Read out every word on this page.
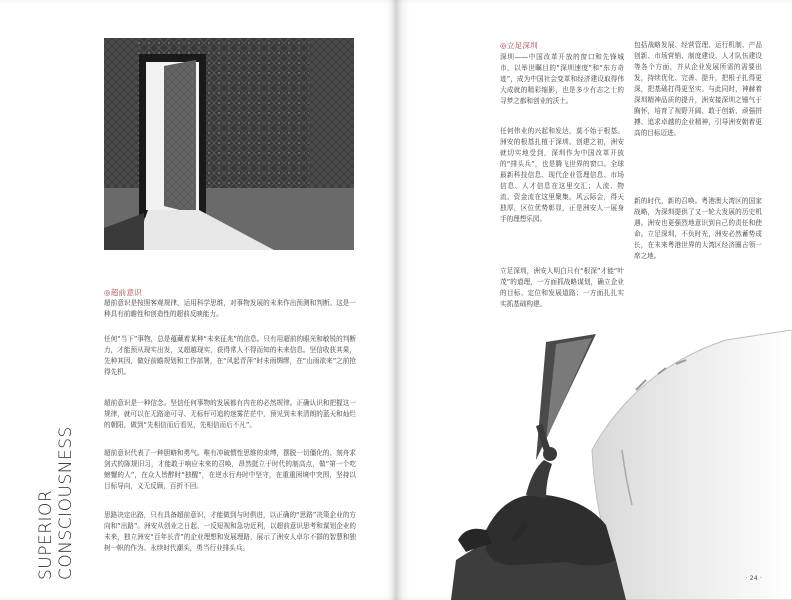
◎超前意识

超前意识是按照客观规律，运用科学思维，对事物发展的未来作出预测和判断。这是一种具有前瞻性和创造性的超前反映能力。

任何“当下”事物，总是蕴藏着某种“未来征兆”的信息。只有用超前的眼光和敏锐的判断力，才能预从现实出发，又超越现实，获得常人不得而知的未来信息。坚信收获其果，先种其因，做好前瞻规划和工作部署，在“风起青萍”时未雨绸缪，在“山雨欲来”之前抢得先机。

超前意识是一种信念。坚信任何事物的发展都有内在的必然规律。正确认识和把握这一规律，就可以在无路途可寻、无标杆可追的迷雾茫茫中，预见到未来清朗的蓝天和灿烂的朝阳，做到“先相信而后看见，先相信而后不凡”。

超前意识代表了一种胆略和勇气。唯有冲破惯性思维的束缚，摆脱一切僵化的、刻舟求剑式的陈规旧习，才能敢于响应未来的召唤，昂然挺立于时代的制高点，做“第一个吃螃蟹的人”，在众人皆醉时“独醒”，在逆水行舟时中坚守，在重重困境中突围，坚持以目标导向，义无反顾，百折不回。

思路决定出路，只有具备超前意识，才能做到与时俱进，以正确的“思路”决策企业的方向和“出路”。洲安从创业之日起，一反短视和急功近利，以超前意识思考和谋划企业的未来，独立洲安“百年长青”的企业理想和发展理路，展示了洲安人卓尔不群的智慧和独树一帜的作为。永续时代潮头，勇当行业排头兵。

SUPERIOR CONSCIOUSNESS
◎立足深圳

深圳——中国改革开放的窗口和先锋城市，以举世瞩目的“深圳速度”和“东方奇迹”，成为中国社会变革和经济建设取得伟大成就的精彩缩影，也是多少有志之士的寻梦之都和创业的沃土。

任何伟业的兴起和发达，莫不始于根基。洲安的根基扎植于深圳。创建之初，洲安就切实地受到，深圳作为中国改革开放的“排头兵”，也是腾飞世界的窗口。全球最新科技信息、现代企业管理信息、市场信息、人才信息在这里交汇；人流、物流、资金流在这里聚集。风云际会，得天独厚，区位优势彰显，正是洲安人一展身手的理想乐园。

立足深圳，洲安人明白只有“根深”才能“叶茂”的道理，一方面抓战略谋划，确立企业的目标、定位和发展道路；一方面扎扎实实抓基础构建。

包括战略发展、经营管理、运行机制、产品创新、市场营销、制度建设、人才队伍建设等各个方面，并从企业发展所需的需要出发，持续优化、完善、提升，把根子扎得更深，把基础打得更坚实。与此同时，神赫着深圳精神品质的提升，洲安接深圳之锤气于胸怀，培育了视野开阔、敢于创新、顽强拼搏、追求卓越的企业精神，引导洲安朝着更高的目标迈进。

新的时代，新的召唤。粤港澳大湾区的国家战略，为深圳提供了又一轮大发展的历史机遇。洲安也更强烈地意识到自己的责任和使命。立足深圳，不负时光，洲安必然蓄势成长，在未来粤港世界的大湾区经济圈占领一席之地。

· 24 ·
